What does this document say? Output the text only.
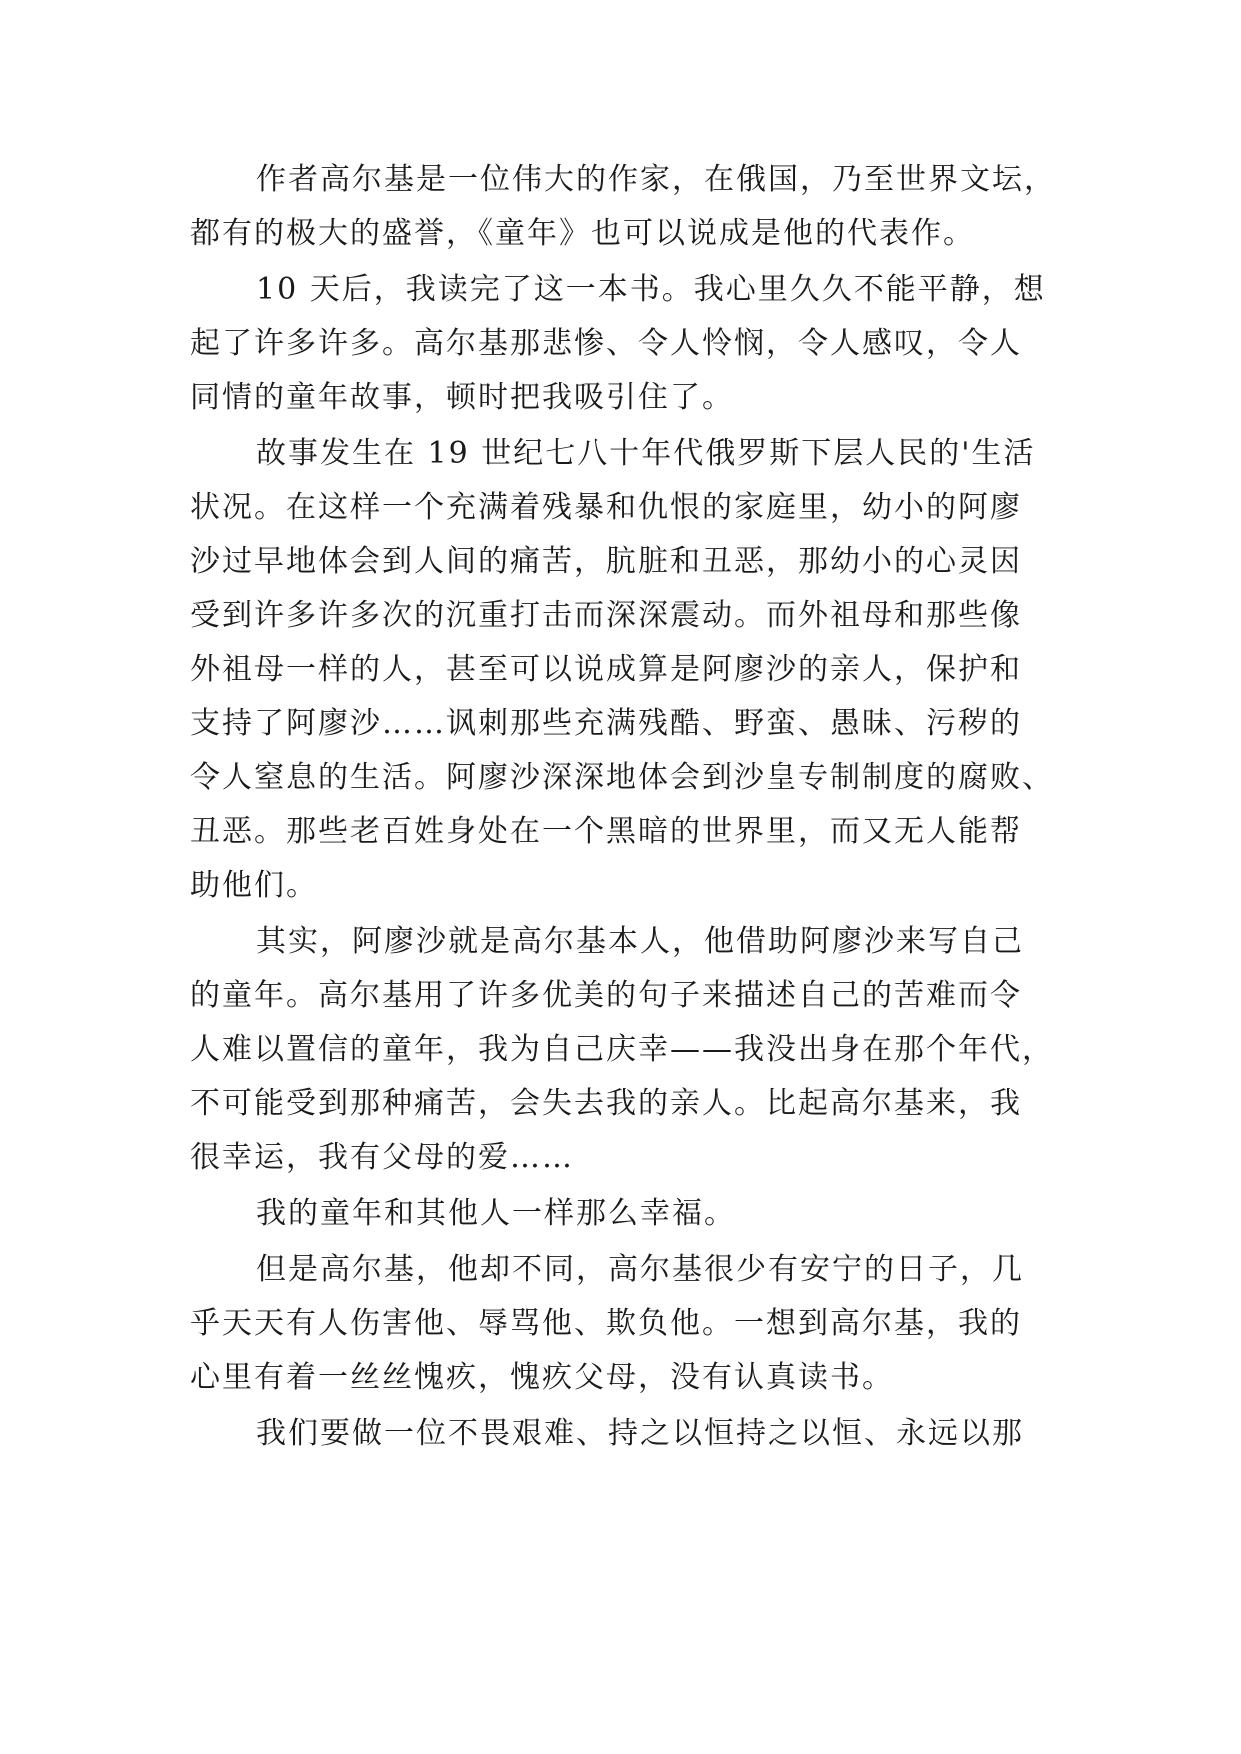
作者高尔基是一位伟大的作家，在俄国，乃至世界文坛，
都有的极大的盛誉，《童年》也可以说成是他的代表作。
10 天后，我读完了这一本书。我心里久久不能平静，想
起了许多许多。高尔基那悲惨、令人怜悯，令人感叹，令人
同情的童年故事，顿时把我吸引住了。
故事发生在 19 世纪七八十年代俄罗斯下层人民的'生活
状况。在这样一个充满着残暴和仇恨的家庭里，幼小的阿廖
沙过早地体会到人间的痛苦，肮脏和丑恶，那幼小的心灵因
受到许多许多次的沉重打击而深深震动。而外祖母和那些像
外祖母一样的人，甚至可以说成算是阿廖沙的亲人，保护和
支持了阿廖沙……讽刺那些充满残酷、野蛮、愚昧、污秽的
令人窒息的生活。阿廖沙深深地体会到沙皇专制制度的腐败、
丑恶。那些老百姓身处在一个黑暗的世界里，而又无人能帮
助他们。
其实，阿廖沙就是高尔基本人，他借助阿廖沙来写自己
的童年。高尔基用了许多优美的句子来描述自己的苦难而令
人难以置信的童年，我为自己庆幸——我没出身在那个年代，
不可能受到那种痛苦，会失去我的亲人。比起高尔基来，我
很幸运，我有父母的爱……
我的童年和其他人一样那么幸福。
但是高尔基，他却不同，高尔基很少有安宁的日子，几
乎天天有人伤害他、辱骂他、欺负他。一想到高尔基，我的
心里有着一丝丝愧疚，愧疚父母，没有认真读书。
我们要做一位不畏艰难、持之以恒持之以恒、永远以那
